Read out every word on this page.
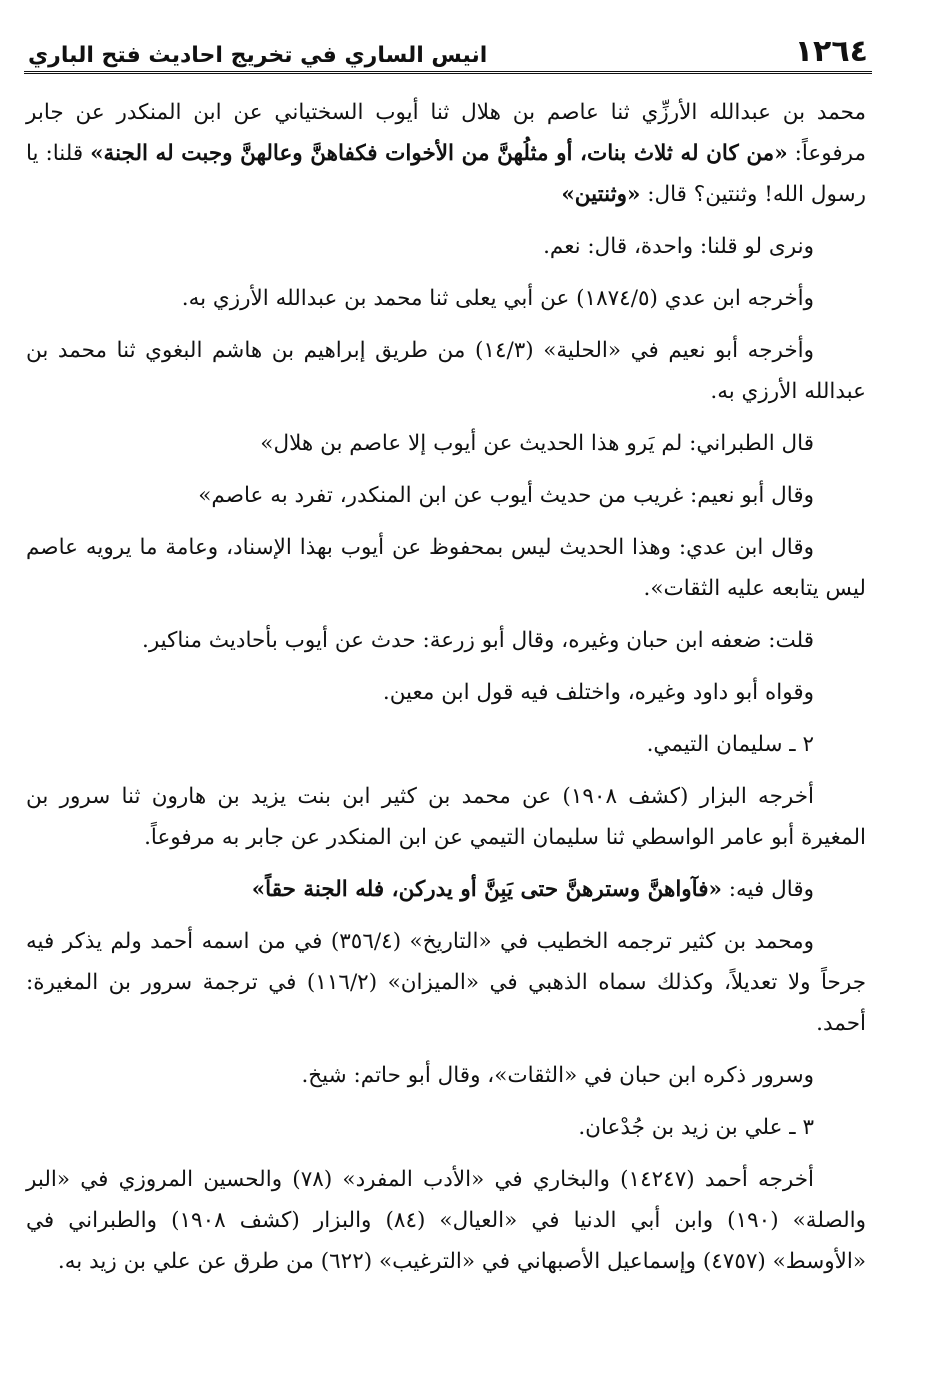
١٢٦٤
انيس الساري في تخريج احاديث فتح الباري

محمد بن عبدالله الأرزِّي ثنا عاصم بن هلال ثنا أيوب السختياني عن ابن المنكدر عن جابر مرفوعاً: «من كان له ثلاث بنات، أو مثلُهنَّ من الأخوات فكفاهنَّ وعالهنَّ وجبت له الجنة» قلنا: يا رسول الله! وثنتين؟ قال: «وثنتين»

ونرى لو قلنا: واحدة، قال: نعم.

وأخرجه ابن عدي (١٨٧٤/٥) عن أبي يعلى ثنا محمد بن عبدالله الأرزي به.

وأخرجه أبو نعيم في «الحلية» (١٤/٣) من طريق إبراهيم بن هاشم البغوي ثنا محمد بن عبدالله الأرزي به.

قال الطبراني: لم يَرو هذا الحديث عن أيوب إلا عاصم بن هلال»

وقال أبو نعيم: غريب من حديث أيوب عن ابن المنكدر، تفرد به عاصم»

وقال ابن عدي: وهذا الحديث ليس بمحفوظ عن أيوب بهذا الإسناد، وعامة ما يرويه عاصم ليس يتابعه عليه الثقات».

قلت: ضعفه ابن حبان وغيره، وقال أبو زرعة: حدث عن أيوب بأحاديث مناكير.

وقواه أبو داود وغيره، واختلف فيه قول ابن معين.

٢ ـ سليمان التيمي.

أخرجه البزار (كشف ١٩٠٨) عن محمد بن كثير ابن بنت يزيد بن هارون ثنا سرور بن المغيرة أبو عامر الواسطي ثنا سليمان التيمي عن ابن المنكدر عن جابر به مرفوعاً.

وقال فيه: «فآواهنَّ وسترهنَّ حتى يَبِنَّ أو يدركن، فله الجنة حقاً»

ومحمد بن كثير ترجمه الخطيب في «التاريخ» (٣٥٦/٤) في من اسمه أحمد ولم يذكر فيه جرحاً ولا تعديلاً، وكذلك سماه الذهبي في «الميزان» (١١٦/٢) في ترجمة سرور بن المغيرة: أحمد.

وسرور ذكره ابن حبان في «الثقات»، وقال أبو حاتم: شيخ.

٣ ـ علي بن زيد بن جُدْعان.

أخرجه أحمد (١٤٢٤٧) والبخاري في «الأدب المفرد» (٧٨) والحسين المروزي في «البر والصلة» (١٩٠) وابن أبي الدنيا في «العيال» (٨٤) والبزار (كشف ١٩٠٨) والطبراني في «الأوسط» (٤٧٥٧) وإسماعيل الأصبهاني في «الترغيب» (٦٢٢) من طرق عن علي بن زيد به.
